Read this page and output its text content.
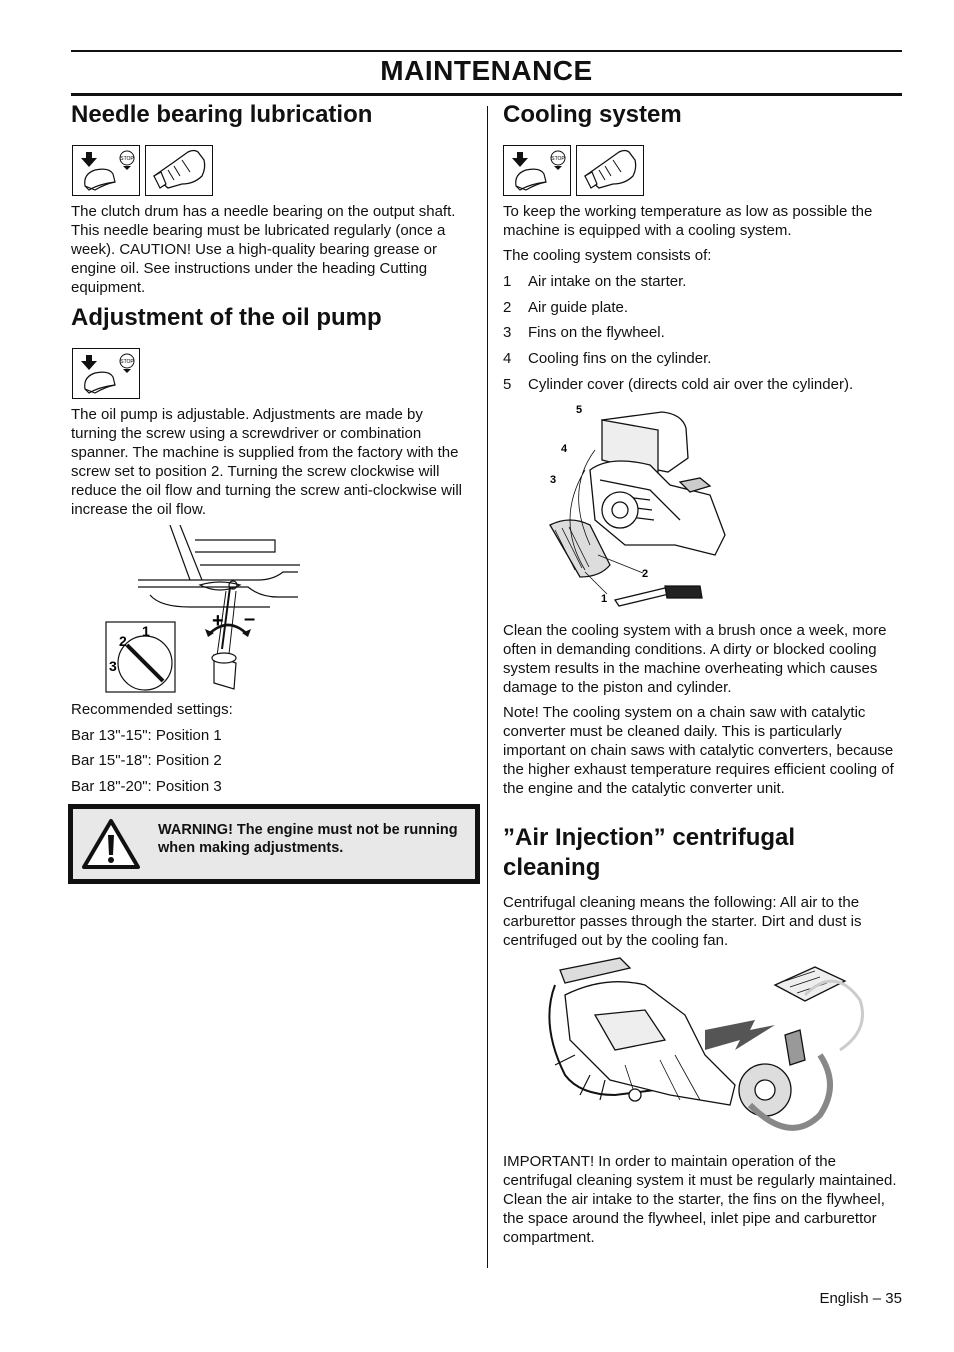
MAINTENANCE
Needle bearing lubrication
STOP

The clutch drum has a needle bearing on the output shaft. This needle bearing must be lubricated regularly (once a week). CAUTION! Use a high-quality bearing grease or engine oil. See instructions under the heading Cutting equipment.

Adjustment of the oil pump
STOP

The oil pump is adjustable. Adjustments are made by turning the screw using a screwdriver or combination spanner. The machine is supplied from the factory with the screw set to position 2. Turning the screw clockwise will reduce the oil flow and turning the screw anti-clockwise will increase the oil flow.

+ –
1
2
3

Recommended settings:

Bar 13"-15": Position 1

Bar 15"-18": Position 2

Bar 18"-20": Position 3

WARNING! The engine must not be running when making adjustments.
Cooling system
STOP

To keep the working temperature as low as possible the machine is equipped with a cooling system.

The cooling system consists of:

1 Air intake on the starter.
2 Air guide plate.
3 Fins on the flywheel.
4 Cooling fins on the cylinder.
5 Cylinder cover (directs cold air over the cylinder).
5
4
3
2
1

Clean the cooling system with a brush once a week, more often in demanding conditions. A dirty or blocked cooling system results in the machine overheating which causes damage to the piston and cylinder.

Note! The cooling system on a chain saw with catalytic converter must be cleaned daily. This is particularly important on chain saws with catalytic converters, because the higher exhaust temperature requires efficient cooling of the engine and the catalytic converter unit.

”Air Injection” centrifugal cleaning

Centrifugal cleaning means the following: All air to the carburettor passes through the starter. Dirt and dust is centrifuged out by the cooling fan.

IMPORTANT! In order to maintain operation of the centrifugal cleaning system it must be regularly maintained. Clean the air intake to the starter, the fins on the flywheel, the space around the flywheel, inlet pipe and carburettor compartment.

English – 35
